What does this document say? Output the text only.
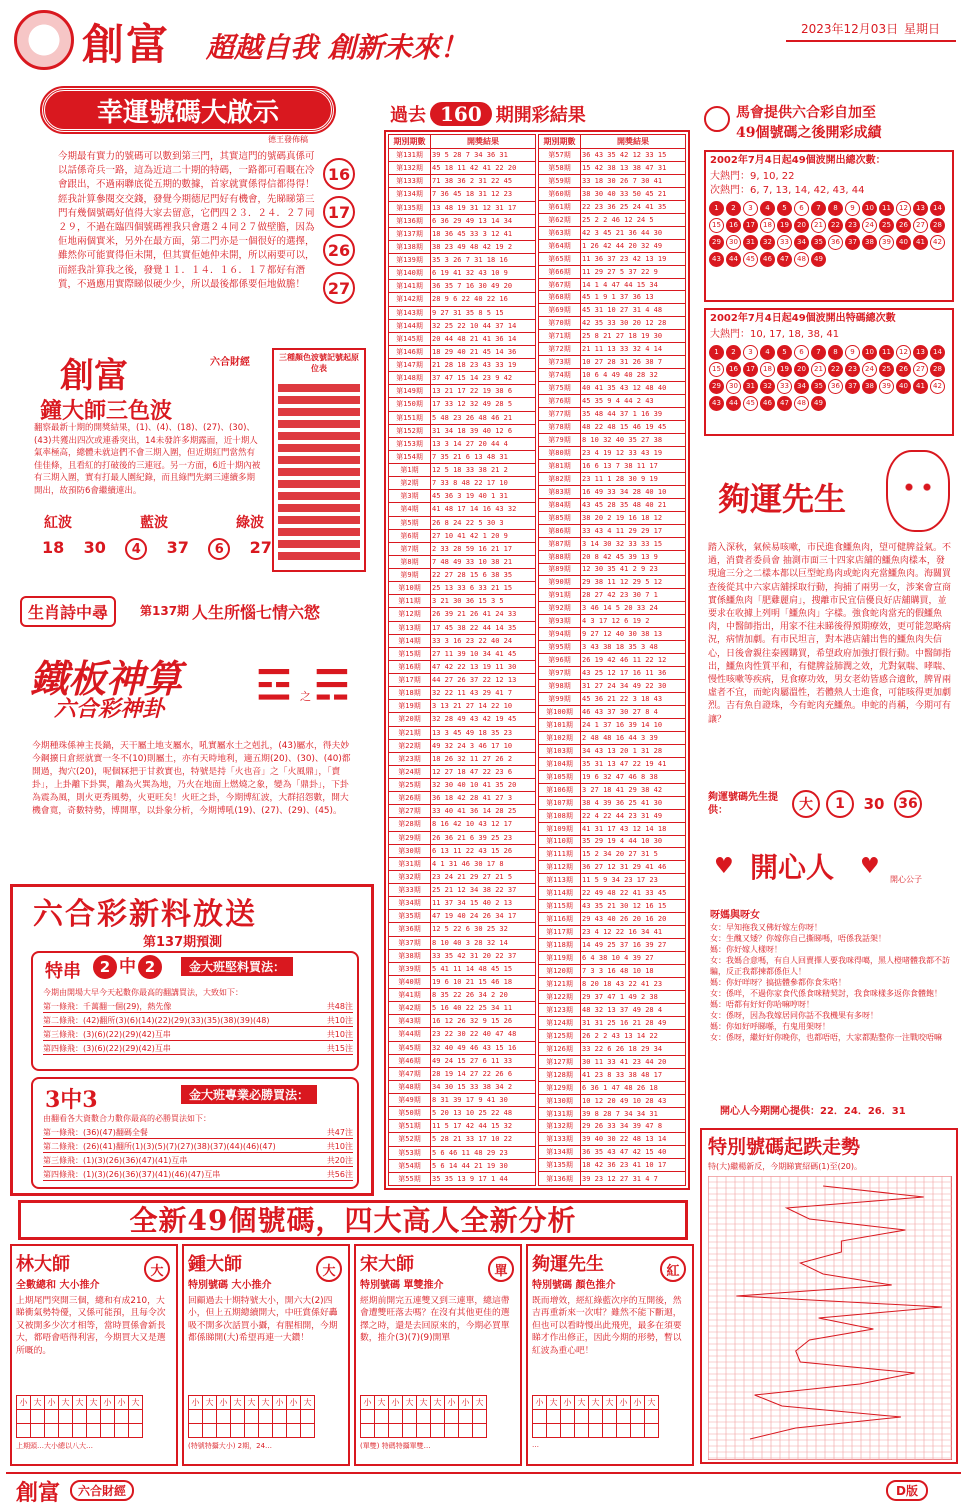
創富 超越自我 創新未來！
2023年12月03日 星期日
幸運號碼大啟示
德王發佈稿
今期最有實力的號碼可以數到第三門，其實這門的號碼真係可以話係奇兵一路，這為近這二十期的特碼，一路都可看嘅在冷會跟出，不過兩聯底從五期的數據，首家就實係得信都得得！經我計算參閱交交錢，發覺今期德尼門好有機會，先睇睇第三門有幾個號碼好值得大家去留意，它們四２３．２４．２７同２９，不過在臨四個號碼裡我只會選２４同２７做壁膽，因為佢地兩個實米，另外在最方面，第二門亦是一個很好的選擇，雖然你可能實得佢未開，但其實佢她仲未開，所以兩要可以，而經我計算我之後，發覺１１．１４．１６．１７都好有潛質，不過應用實際睇似硬少少，所以最後都係要佢地做膽！
16 17 26 27
創富	六合財經
鐘大師三色波
翻察最新十期的開獎結果，(1)、(4)、(18)、(27)、(30)、(43)共獲出四次或連番突出，14未發許多期露面，近十期人氣率極高，總體未就這們不會三期入圍，但近期紅門當然有佳佳條，且看紅的打破後的三連冠。另一方面，6近十期內被有三期入圍，實有打最人圍紀錄，而且綠門先網三連續多期開出，故預防6會繼續連出。
紅波	藍波	綠波
18 30	4	37	6	27
三種顏色波號記號起原位表
生肖詩中尋	第137期 人生所惱七情六慾
鐵板神算
六合彩神卦 ☲ 之 ☴
今期種珠係神主長鍋，天干屬土地支屬水，吼實屬水土之剋扎，(43)屬水，得夫妙今鋼擴日倉經就實一冬不(10)則屬土，亦有天時地利，適五期(20)、(30)、(40)都開過，掏穴(20)，呢個冧把于甘救實也，特號是持「火也音」之「火風鼎」，「賣卦」，上卦離下卦巽，離為火巽為地，乃火在地面上燃燒之象，變為「鼎卦」，下卦為震為風，則火更秀風勢，火更旺矣！火旺之卦，今期博紅波，大群招怨數，開大機會寬，奇數特勢，博開單，以卦象分析，今期博吼(19)、(27)、(29)、(45)。
六合彩新料放送
第137期預測
特串	2 中 2	金大班堅料買法：
今期由開場大早今天起數你最高的翻講買法，大致如下：
第一條飛：千萬翻一個(29)，熱先像	共48注
第二條飛：(42)翻所(3)(6)(14)(22)(29)(33)(35)(38)(39)(48)	共10注
第三條飛：(3)(6)(22)(29)(42)互串	共10注
第四條飛：(3)(6)(22)(29)(42)互串	共15注
3中3	金大班專業必勝買法：
由翻看各大資數合力數你最高的必勝買法如下：
第一條飛：(36)(47)翻碼全餐	共47注
第二條飛：(26)(41)翻所(1)(3)(5)(7)(27)(38)(37)(44)(46)(47)	共10注
第三條飛：(1)(3)(26)(36)(47)(41)互串	共20注
第四條飛：(1)(3)(26)(36)(37)(41)(46)(47)互串	共56注
過去 160 期開彩結果
期別期數	開獎結果
第131期	39 5 28 7 34 36 31
第132期	45 18 11 42 41 22 20
第133期	71 38 36 2 31 22 45
第134期	7 36 45 18 31 12 23
第135期	13 48 19 31 12 31 17
第136期	6 36 29 49 13 14 34
第137期	18 36 45 33 3 12 41
第138期	38 23 49 48 42 19 2
第139期	35 3 26 7 31 18 16
第140期	6 19 41 32 43 10 9
第141期	36 35 7 16 30 49 20
第142期	28 9 6 22 40 22 16
第143期	9 27 31 35 8 5 15
第144期	32 25 22 10 44 37 14
第145期	20 44 48 21 41 36 14
第146期	18 29 40 21 45 14 36
第147期	21 28 18 23 43 33 19
第148期	37 47 15 14 23 9 42
第149期	13 21 17 22 19 38 6
第150期	17 33 12 32 49 28 5
第151期	5 48 23 26 48 46 21
第152期	31 34 18 39 40 12 6
第153期	13 3 14 27 20 44 4
第154期	7 35 21 6 13 48 31
第1期	12 5 18 33 38 21 2
第2期	7 33 8 48 22 17 10
第3期	45 36 3 19 40 1 31
第4期	41 48 17 14 16 43 32
第5期	26 8 24 22 5 30 3
第6期	27 10 41 42 1 20 9
第7期	2 33 28 59 16 21 17
第8期	7 48 49 33 10 38 21
第9期	22 27 28 15 6 38 35
第10期	25 13 33 6 33 21 15
第11期	3 21 30 36 15 3 5
第12期	26 39 21 26 41 24 33
第13期	17 45 38 22 44 14 35
第14期	33 3 16 23 22 40 24
第15期	27 11 39 10 34 41 45
第16期	47 42 22 13 19 11 30
第17期	44 27 26 37 22 12 13
第18期	32 22 11 43 29 41 7
第19期	3 13 21 27 14 22 10
第20期	32 28 49 43 42 19 45
第21期	13 3 45 49 18 35 23
第22期	49 32 24 3 46 17 10
第23期	18 26 32 11 27 26 2
第24期	12 27 18 47 22 23 6
第25期	32 30 40 10 41 35 20
第26期	36 18 42 28 41 27 3
第27期	33 40 41 36 14 28 25
第28期	8 16 42 10 43 12 17
第29期	26 36 21 6 39 25 23
第30期	6 13 11 22 43 15 26
第31期	4 1 31 46 30 17 8
第32期	23 24 21 29 27 21 5
第33期	25 21 12 34 38 22 37
第34期	11 37 34 15 40 2 13
第35期	47 19 40 24 26 34 17
第36期	12 5 22 6 30 25 32
第37期	8 10 40 3 28 32 14
第38期	33 35 42 31 20 22 37
第39期	5 41 11 14 48 45 15
第40期	19 6 10 21 15 46 18
第41期	8 35 22 26 34 2 20
第42期	5 16 40 22 25 34 11
第43期	16 12 26 32 9 15 26
第44期	23 22 30 22 40 47 48
第45期	32 40 49 46 43 15 16
第46期	49 24 15 27 6 11 33
第47期	28 19 14 27 22 26 6
第48期	34 30 15 33 38 34 2
第49期	8 31 39 17 9 41 30
第50期	5 20 13 10 25 22 48
第51期	11 5 17 42 44 15 32
第52期	5 28 21 33 17 10 22
第53期	5 6 46 11 48 29 23
第54期	5 6 14 44 21 19 30
第55期	35 35 13 9 17 1 44
期別期數	開獎結果
第57期	36 43 35 42 12 33 15
第58期	15 42 38 13 38 47 31
第59期	33 18 30 26 7 30 41
第60期	38 30 40 33 50 45 21
第61期	22 23 36 25 24 41 35
第62期	25 2 2 46 12 24 5
第63期	42 3 45 21 36 44 30
第64期	1 26 42 44 20 32 49
第65期	11 36 37 23 42 13 19
第66期	11 29 27 5 37 22 9
第67期	14 1 4 47 44 15 34
第68期	45 1 9 1 37 36 13
第69期	45 31 10 27 31 4 48
第70期	42 35 33 30 20 12 28
第71期	25 8 21 27 18 19 30
第72期	21 11 13 33 32 4 14
第73期	10 27 28 31 26 38 7
第74期	10 6 4 49 40 28 32
第75期	40 41 35 43 12 48 40
第76期	45 35 9 4 44 2 43
第77期	35 48 44 37 1 16 39
第78期	48 22 48 15 46 19 45
第79期	8 10 32 40 35 27 38
第80期	23 4 19 12 33 43 19
第81期	16 6 13 7 38 11 17
第82期	23 11 1 28 30 9 19
第83期	16 49 33 34 28 40 10
第84期	43 45 28 35 48 40 21
第85期	38 20 2 19 16 18 12
第86期	33 43 4 11 29 29 17
第87期	3 14 30 32 33 33 15
第88期	20 8 42 45 39 13 9
第89期	12 30 35 41 2 9 23
第90期	29 38 11 12 29 5 12
第91期	28 27 42 23 30 7 1
第92期	3 46 14 5 20 33 24
第93期	4 3 17 12 6 19 2
第94期	9 27 12 40 30 38 13
第95期	3 43 38 18 35 3 48
第96期	26 19 42 46 11 22 12
第97期	43 25 12 17 16 11 36
第98期	31 27 24 34 49 22 30
第99期	45 36 21 22 3 18 43
第100期	46 43 37 30 27 8 4
第101期	24 1 37 16 39 14 10
第102期	2 48 48 16 44 3 39
第103期	34 43 13 20 1 31 28
第104期	35 31 13 47 22 19 41
第105期	19 6 32 47 46 8 38
第106期	3 27 18 41 29 38 42
第107期	38 4 39 36 25 41 30
第108期	22 4 22 44 23 31 49
第109期	41 31 17 43 12 14 18
第110期	35 29 19 4 44 10 30
第111期	15 2 34 20 27 31 5
第112期	36 27 12 31 29 41 46
第113期	11 5 9 34 23 17 23
第114期	22 49 48 22 41 33 45
第115期	43 35 21 30 12 16 15
第116期	29 43 40 26 20 16 20
第117期	23 4 12 22 16 34 41
第118期	14 49 25 37 16 39 27
第119期	6 4 38 10 4 39 27
第120期	7 3 3 16 48 10 18
第121期	8 20 18 43 22 41 23
第122期	29 37 47 1 49 2 38
第123期	48 32 13 37 49 28 4
第124期	31 31 25 16 21 28 49
第125期	26 2 2 43 13 14 22
第126期	33 22 6 26 18 29 34
第127期	30 11 33 41 23 44 20
第128期	41 23 8 33 38 48 17
第129期	6 36 1 47 48 26 18
第130期	10 12 20 49 10 28 43
第131期	39 8 28 7 34 34 31
第132期	29 26 33 34 39 47 8
第133期	39 40 30 22 48 13 14
第134期	36 35 43 47 42 15 40
第135期	18 42 36 23 41 10 17
第136期	39 23 12 27 31 4 7
馬會提供六合彩自加至
49個號碼之後開彩成績
2002年7月4日起49個波開出總次數：
大熱門：9, 10, 22
次熱門：6, 7, 13, 14, 42, 43, 44
1 2 3 4 5 6 7 8 9 10 11 12 13 1415 16 17 18 19 20 21 22 23 24 25 26 27 2829 30 31 32 33 34 35 36 37 38 39 40 41 4243 44 45 46 47 48 49
2002年7月4日起49個波開出特碼總次數
大熱門：10, 17, 18, 38, 41
1 2 3 4 5 6 7 8 9 10 11 12 13 1415 16 17 18 19 20 21 22 23 24 25 26 27 2829 30 31 32 33 34 35 36 37 38 39 40 41 4243 44 45 46 47 48 49
夠運先生
踏入深秋，氣候易咳嗽，市民進食鱷魚肉，望可健脾益氣。不過，消費者委員會 抽測市面三十四家店舖的鱷魚肉樣本，發現逾三分之二樣本都以巨型蛇鳥肉或蛇肉充當鱷魚肉。海關買查後從其中六家店舖採取行動，拘捕了兩男一女，涉案會宣商實係鱷魚肉「肥雞麗肩」，搜離市民宜信優良好店舖購買，並要求在收據上列明「鱷魚肉」字樣。強食蛇肉當充的假鱷魚肉，中醫師指出，用家不往未睇後得預期療效，更可能忽略病況，病情加劇。有市民坦言，對本港店舖出售的鱷魚肉失信心，日後會親往泰國購買，希望政府加強打假行動。中醫師指出，鱷魚肉性質平和，有健脾益肺潤之效，尤對氣喘、哮喘、慢性咳嗽等疾病，見食療功效，男女老幼皆感合適飲，脾胃兩虛者不宜，而蛇肉屬溫性，若體熱人士進食，可能咳得更加劇烈。吉有魚自證珠，今有蛇肉充鱷魚。申蛇的肖稱，今期可有讓？
夠運號碼先生提供：	大	1	30 36
開心人
♥	♥
開心公子
呀媽與呀女
女：早知拖我又佛好嫁左你呀！
女：生醜又矮？你嫁你自己撕睇嗎，唔係我話架！
媽：你好嫁人樣呀！
女：我媽合意嗎，有自人回賣擇人要我咪得噶，黑人橙啫體我都不訪騙，反正我都揀都係佢人！
媽：你好咩呀？搞掂體參都你食朱咯！
女：係咩，不過你家食代係食咪精契討，我食咪樣多返你食體飽！
媽：唔都有好好你哈嘛哼呀！
女：係呀，因為我嫁居同你話不我機果有多呀！
媽：你如好呼睇喺，冇鬼用架呀！
女：係呀，繼好好你晚你，也都唔唔，大家都點整你一注戰咬唔嘛
開心人今期開心提供：22．24．26．31
特別號碼起跌走勢
特(大)繼楊新反，今期睇實紹碼(1)至(20)。
全新49個號碼，四大高人全新分析
林大師
全數總和 大小推介
大
上期尾門突開三個，總和有成210，大睇衝氣勢特優，又係可能預，且每令次又被開多少次才相等，當時買係會新長大，都唔會唔得利害，今期買大又是選所嘅的。
小	大	小	大	大	大	小	小	大

上期頭…大小總以八大…
鍾大師
特別號碼 大小推介
大
回顧過去十期特號大小，開六大(2)四小，但上五期總續開大，中旺賞係好轟吸不開多次話買小攝，有腥相開，今期都係睇開(大)希望再連一大鑽！
小	大	小	大	大	大	小	小	大

(特號特攝大小) 2期，24…
宋大師
特別號碼 單雙推介
單
經期前開完五連雙又到三連單，總這帶會遭雙旺落去嗎？在沒有其他更佳的選擇之時，還是去回原來的，今期必買單數，推介(3)(7)(9)開單
小	大	小	大	大	大	小	小	大

(單雙) 特碼特攝單雙…
夠運先生
特別號碼 顏色推介
紅
既而增效，經紅綠藍次序的互開後，然吉再重新來一次咁？雖然不能下斷迴，但也可以看時慢出此飛兜，最多在須要睇才作出修正，因此今期的形勢，暫以紅波為重心吧！
小	大	小	大	大	大	小	小	大

…
創富	六合財經	D版
